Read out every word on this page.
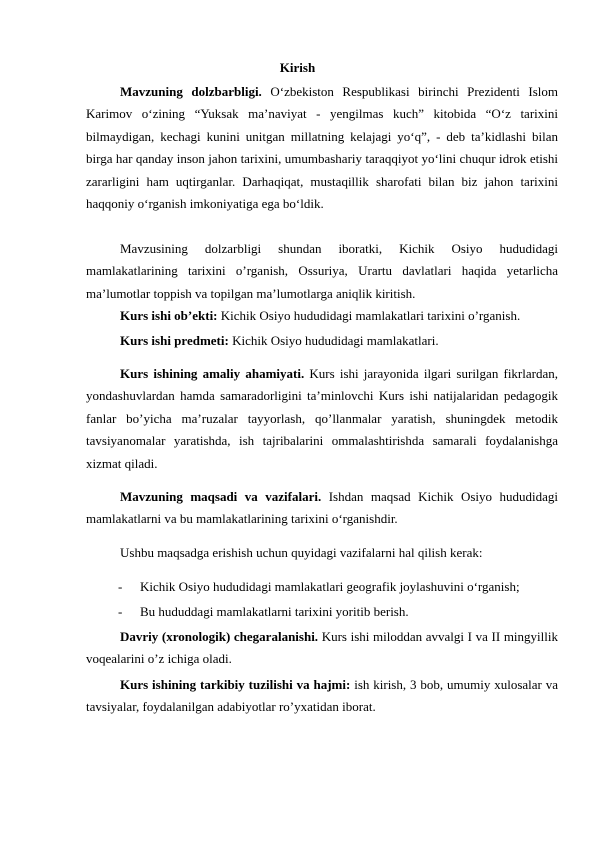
Kirish

Mavzuning dolzbarbligi. O‘zbekiston Respublikasi birinchi Prezidenti Islom Karimov o‘zining “Yuksak ma’naviyat - yengilmas kuch” kitobida “O‘z tarixini bilmaydigan, kechagi kunini unitgan millatning kelajagi yo‘q”, - deb ta’kidlashi bilan birga har qanday inson jahon tarixini, umumbashariy taraqqiyot yo‘lini chuqur idrok etishi zararligini ham uqtirganlar. Darhaqiqat, mustaqillik sharofati bilan biz jahon tarixini haqqoniy o‘rganish imkoniyatiga ega bo‘ldik.

Mavzusining dolzarbligi shundan iboratki, Kichik Osiyo hududidagi mamlakatlarining tarixini o’rganish, Ossuriya, Urartu davlatlari haqida yetarlicha ma’lumotlar toppish va topilgan ma’lumotlarga aniqlik kiritish.

Kurs ishi ob’ekti: Kichik Osiyo hududidagi mamlakatlari tarixini o’rganish.

Kurs ishi predmeti: Kichik Osiyo hududidagi mamlakatlari.

Kurs ishining amaliy ahamiyati. Kurs ishi jarayonida ilgari surilgan fikrlardan, yondashuvlardan hamda samaradorligini ta’minlovchi Kurs ishi natijalaridan pedagogik fanlar bo’yicha ma’ruzalar tayyorlash, qo’llanmalar yaratish, shuningdek metodik tavsiyanomalar yaratishda, ish tajribalarini ommalashtirishda samarali foydalanishga xizmat qiladi.

Mavzuning maqsadi va vazifalari. Ishdan maqsad Kichik Osiyo hududidagi mamlakatlarni va bu mamlakatlarining tarixini o‘rganishdir.

Ushbu maqsadga erishish uchun quyidagi vazifalarni hal qilish kerak:

- Kichik Osiyo hududidagi mamlakatlari geografik joylashuvini o‘rganish;
- Bu hududdagi mamlakatlarni tarixini yoritib berish.

Davriy (xronologik) chegaralanishi. Kurs ishi miloddan avvalgi I va II mingyillik voqealarini o’z ichiga oladi.

Kurs ishining tarkibiy tuzilishi va hajmi: ish kirish, 3 bob, umumiy xulosalar va tavsiyalar, foydalanilgan adabiyotlar ro’yxatidan iborat.
